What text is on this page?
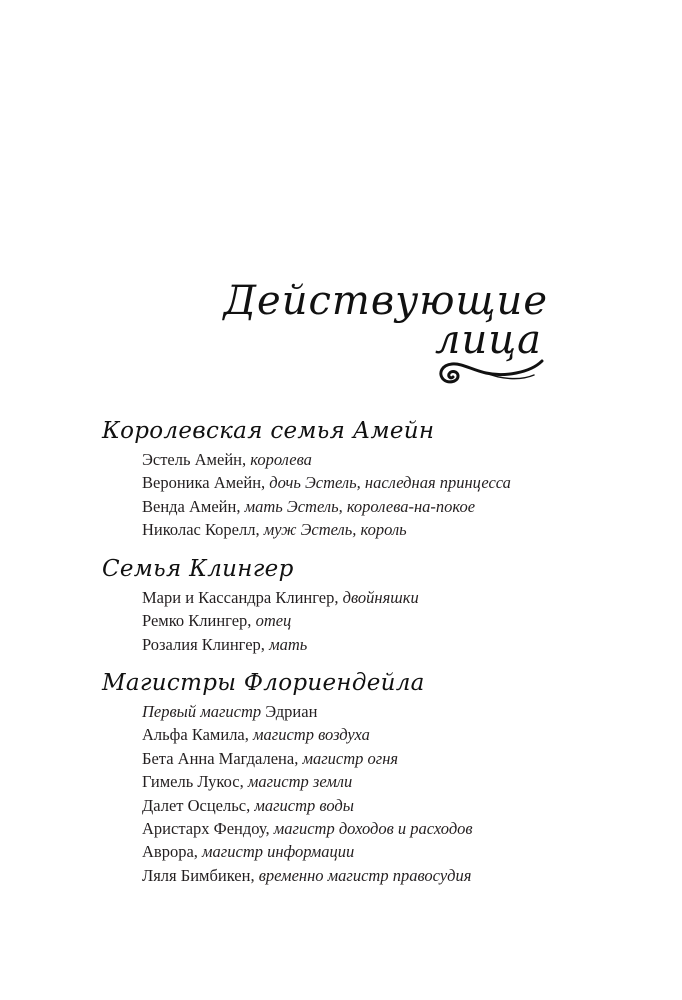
Действующие
лица
Королевская семья Амейн
Эстель Амейн, королева
Вероника Амейн, дочь Эстель, наследная принцесса
Венда Амейн, мать Эстель, королева-на-покое
Николас Корелл, муж Эстель, король
Семья Клингер
Мари и Кассандра Клингер, двойняшки
Ремко Клингер, отец
Розалия Клингер, мать
Магистры Флориендейла
Первый магистр Эдриан
Альфа Камила, магистр воздуха
Бета Анна Магдалена, магистр огня
Гимель Лукос, магистр земли
Далет Осцельс, магистр воды
Аристарх Фендоу, магистр доходов и расходов
Аврора, магистр информации
Ляля Бимбикен, временно магистр правосудия
